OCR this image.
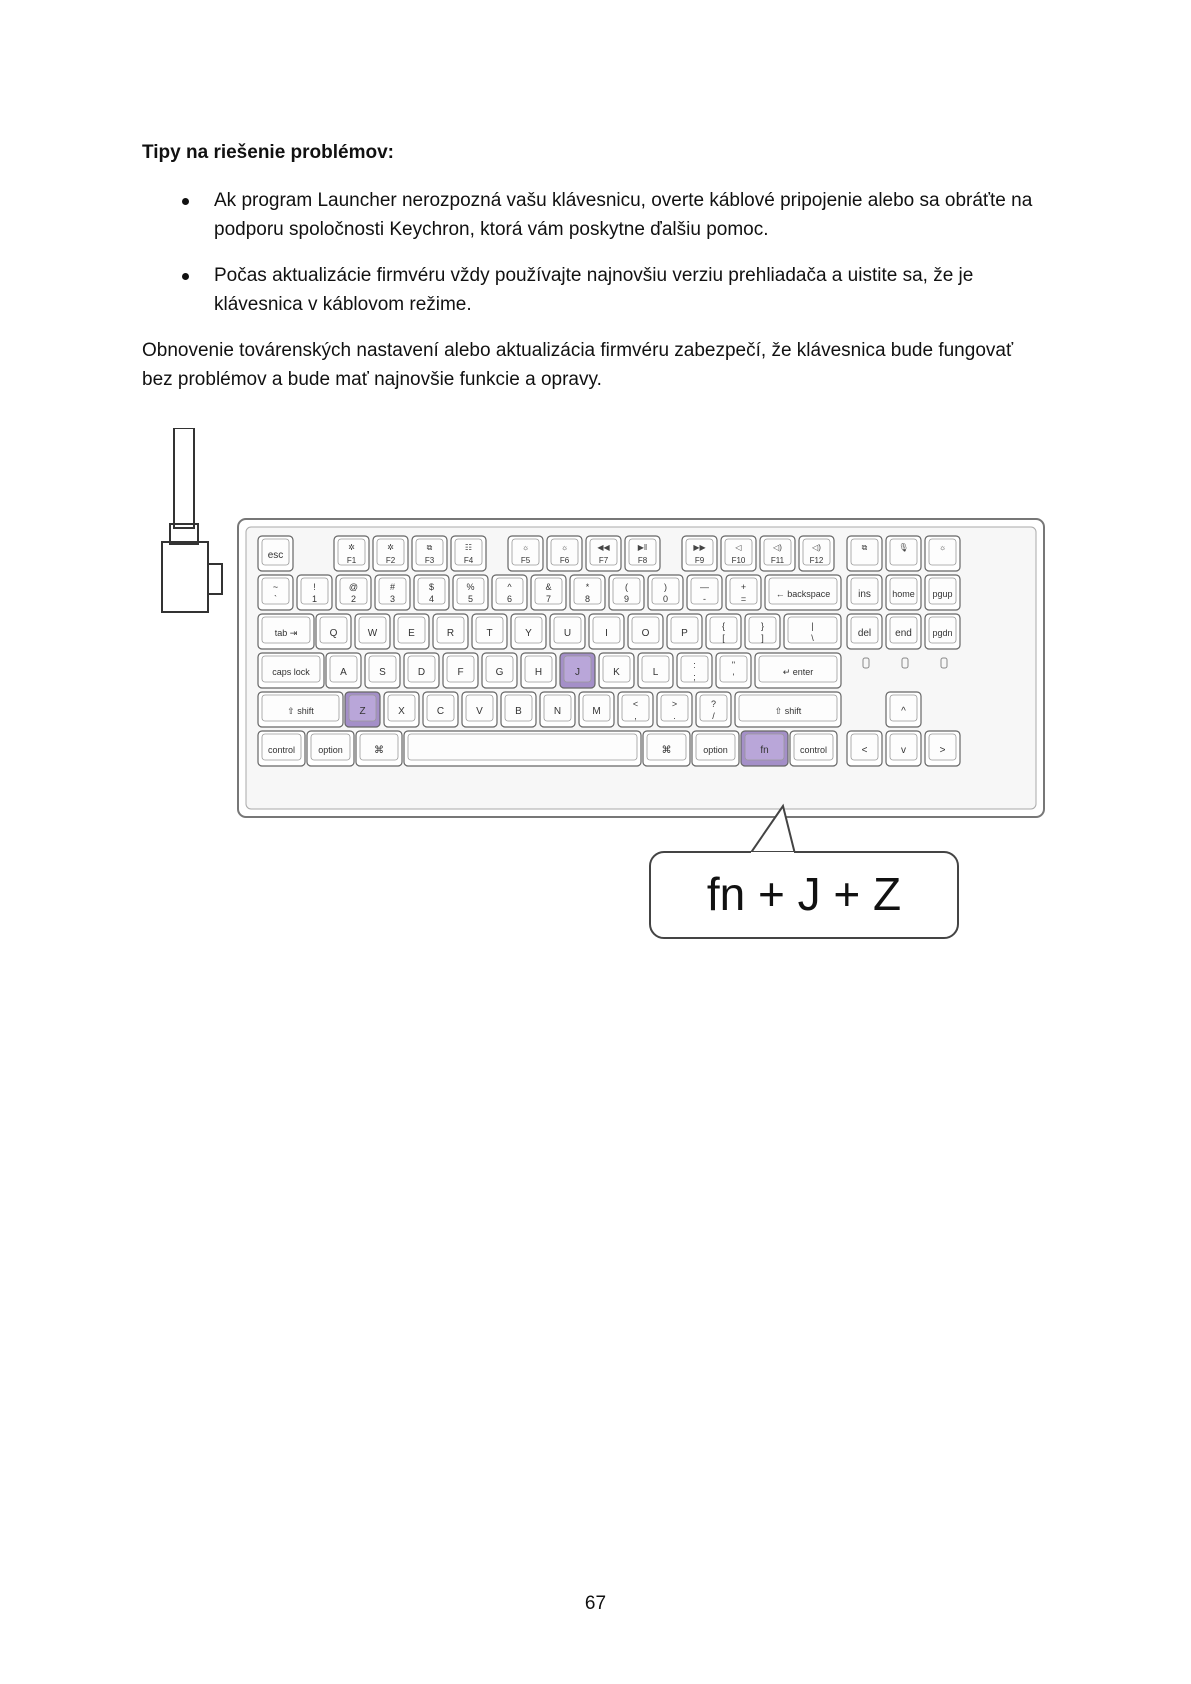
Tipy na riešenie problémov:
Ak program Launcher nerozpozná vašu klávesnicu, overte káblové pripojenie alebo sa obráťte na podporu spoločnosti Keychron, ktorá vám poskytne ďalšiu pomoc.
Počas aktualizácie firmvéru vždy používajte najnovšiu verziu prehliadača a uistite sa, že je klávesnica v káblovom režime.

Obnovenie továrenských nastavení alebo aktualizácia firmvéru zabezpečí, že klávesnica bude fungovať bez problémov a bude mať najnovšie funkcie a opravy.

esc
✲
F1
✲
F2
⧉
F3
☷
F4
☼
F5
☼
F6
◀◀
F7
▶ǁ
F8
▶▶
F9
◁
F10
◁)
F11
◁)
F12
⧉	🎙	☼
~
`
!
1
@
2
#
3
$
4
%
5
^
6
&
7
*
8
(
9
)
0
—
-
+
=	← backspace	ins home pgup
tab ⇥	Q	W	E	R	T	Y	U	I	O	P
{
[
}
]
|
\	del end pgdn
caps lock	A	S	D	F	G	H	J	K	L
:
;
"
'	↵ enter
⇧ shift	Z	X	C	V	B	N	M
<
,
>
.
?
/	⇧ shift	^
control	option	⌘	⌘	option	fn	control	<	v	>
fn + J + Z
67
